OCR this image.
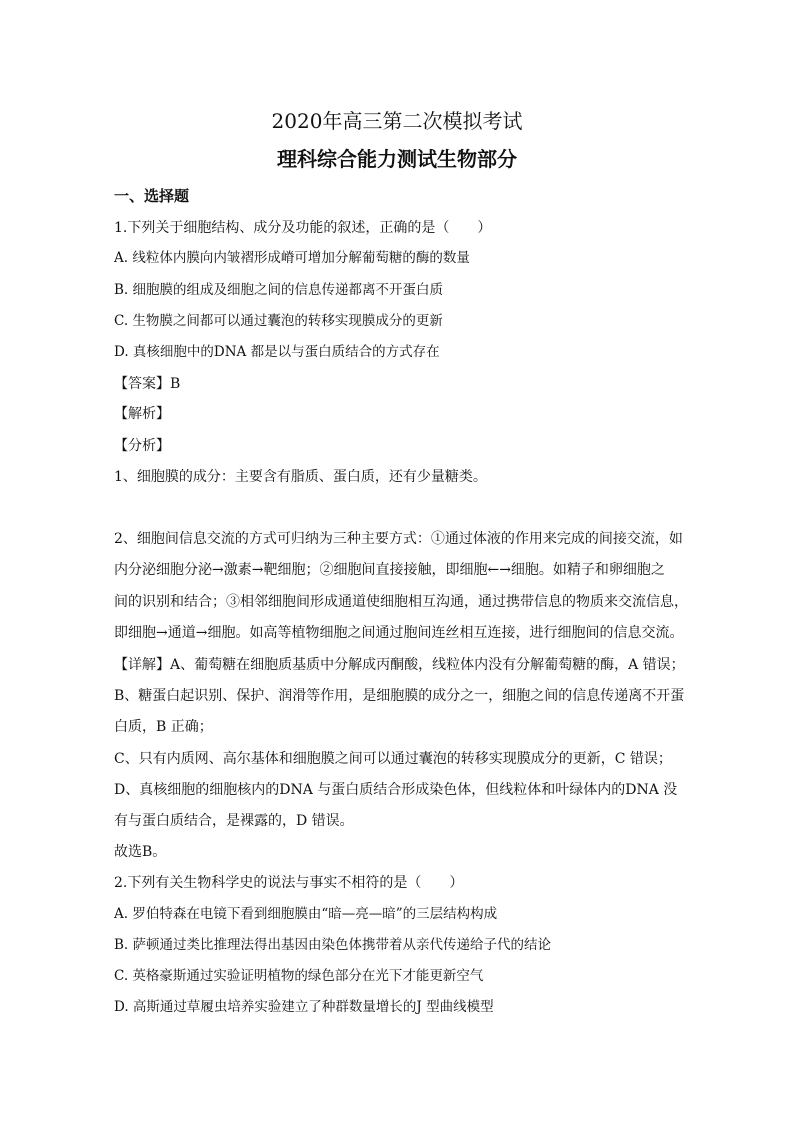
2020年高三第二次模拟考试
理科综合能力测试生物部分
一、选择题
1.下列关于细胞结构、成分及功能的叙述，正确的是（　　）
A. 线粒体内膜向内皱褶形成嵴可增加分解葡萄糖的酶的数量
B. 细胞膜的组成及细胞之间的信息传递都离不开蛋白质
C. 生物膜之间都可以通过囊泡的转移实现膜成分的更新
D. 真核细胞中的DNA 都是以与蛋白质结合的方式存在
【答案】B
【解析】
【分析】
1、细胞膜的成分：主要含有脂质、蛋白质，还有少量糖类。
2、细胞间信息交流的方式可归纳为三种主要方式：①通过体液的作用来完成的间接交流，如
内分泌细胞分泌→激素→靶细胞；②细胞间直接接触，即细胞←→细胞。如精子和卵细胞之
间的识别和结合；③相邻细胞间形成通道使细胞相互沟通，通过携带信息的物质来交流信息，
即细胞→通道→细胞。如高等植物细胞之间通过胞间连丝相互连接，进行细胞间的信息交流。
【详解】A、葡萄糖在细胞质基质中分解成丙酮酸，线粒体内没有分解葡萄糖的酶，A 错误；
B、糖蛋白起识别、保护、润滑等作用，是细胞膜的成分之一，细胞之间的信息传递离不开蛋
白质，B 正确；
C、只有内质网、高尔基体和细胞膜之间可以通过囊泡的转移实现膜成分的更新，C 错误；
D、真核细胞的细胞核内的DNA 与蛋白质结合形成染色体，但线粒体和叶绿体内的DNA 没
有与蛋白质结合，是裸露的，D 错误。
故选B。
2.下列有关生物科学史的说法与事实不相符的是（　　）
A. 罗伯特森在电镜下看到细胞膜由“暗—亮—暗”的三层结构构成
B. 萨顿通过类比推理法得出基因由染色体携带着从亲代传递给子代的结论
C. 英格豪斯通过实验证明植物的绿色部分在光下才能更新空气
D. 高斯通过草履虫培养实验建立了种群数量增长的J 型曲线模型
